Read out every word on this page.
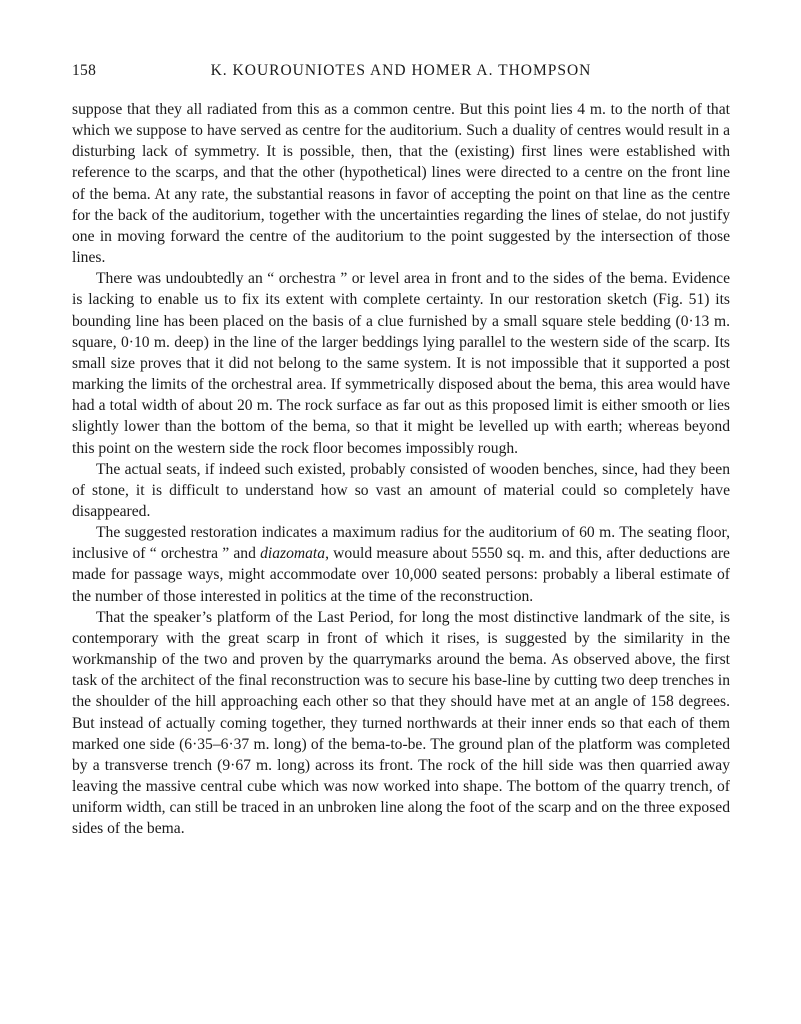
158	K. KOUROUNIOTES AND HOMER A. THOMPSON

suppose that they all radiated from this as a common centre. But this point lies 4 m. to the north of that which we suppose to have served as centre for the auditorium. Such a duality of centres would result in a disturbing lack of symmetry. It is possible, then, that the (existing) first lines were established with reference to the scarps, and that the other (hypothetical) lines were directed to a centre on the front line of the bema. At any rate, the substantial reasons in favor of accepting the point on that line as the centre for the back of the auditorium, together with the uncertainties regarding the lines of stelae, do not justify one in moving forward the centre of the auditorium to the point suggested by the intersection of those lines.

There was undoubtedly an “ orchestra ” or level area in front and to the sides of the bema. Evidence is lacking to enable us to fix its extent with complete certainty. In our restoration sketch (Fig. 51) its bounding line has been placed on the basis of a clue furnished by a small square stele bedding (0·13 m. square, 0·10 m. deep) in the line of the larger beddings lying parallel to the western side of the scarp. Its small size proves that it did not belong to the same system. It is not impossible that it supported a post marking the limits of the orchestral area. If symmetrically disposed about the bema, this area would have had a total width of about 20 m. The rock surface as far out as this proposed limit is either smooth or lies slightly lower than the bottom of the bema, so that it might be levelled up with earth; whereas beyond this point on the western side the rock floor becomes impossibly rough.

The actual seats, if indeed such existed, probably consisted of wooden benches, since, had they been of stone, it is difficult to understand how so vast an amount of material could so completely have disappeared.

The suggested restoration indicates a maximum radius for the auditorium of 60 m. The seating floor, inclusive of “ orchestra ” and diazomata, would measure about 5550 sq. m. and this, after deductions are made for passage ways, might accommodate over 10,000 seated persons: probably a liberal estimate of the number of those interested in politics at the time of the reconstruction.

That the speaker’s platform of the Last Period, for long the most distinctive landmark of the site, is contemporary with the great scarp in front of which it rises, is suggested by the similarity in the workmanship of the two and proven by the quarrymarks around the bema. As observed above, the first task of the architect of the final reconstruction was to secure his base-line by cutting two deep trenches in the shoulder of the hill approaching each other so that they should have met at an angle of 158 degrees. But instead of actually coming together, they turned northwards at their inner ends so that each of them marked one side (6·35–6·37 m. long) of the bema-to-be. The ground plan of the platform was completed by a transverse trench (9·67 m. long) across its front. The rock of the hill side was then quarried away leaving the massive central cube which was now worked into shape. The bottom of the quarry trench, of uniform width, can still be traced in an unbroken line along the foot of the scarp and on the three exposed sides of the bema.
